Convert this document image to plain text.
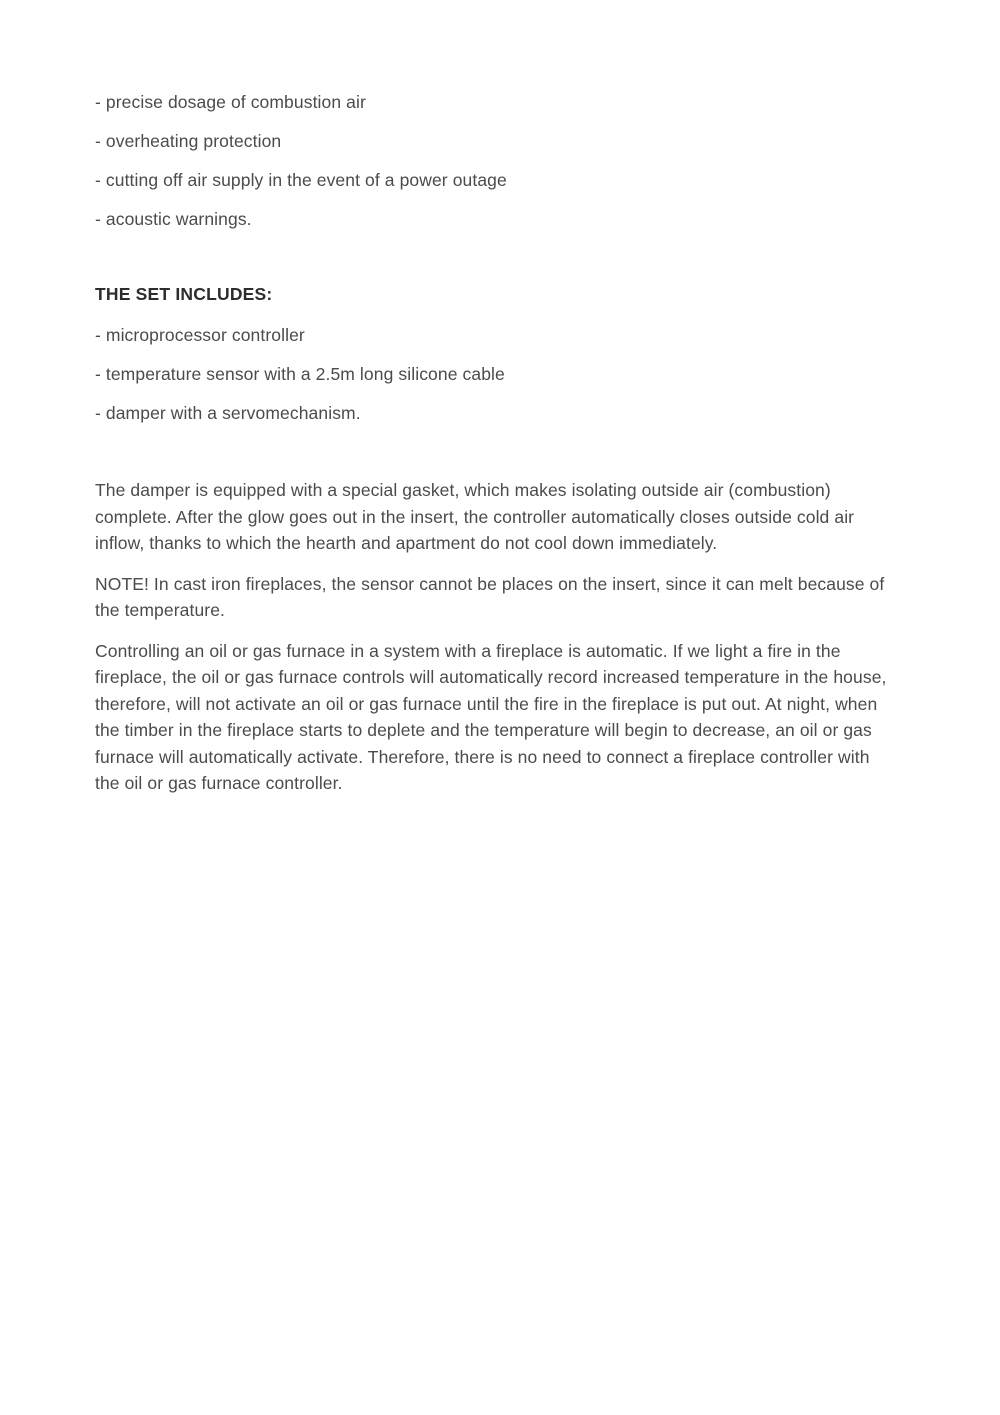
- precise dosage of combustion air

- overheating protection

- cutting off air supply in the event of a power outage

- acoustic warnings.

THE SET INCLUDES:

- microprocessor controller

- temperature sensor with a 2.5m long silicone cable

- damper with a servomechanism.

The damper is equipped with a special gasket, which makes isolating outside air (combustion) complete. After the glow goes out in the insert, the controller automatically closes outside cold air inflow, thanks to which the hearth and apartment do not cool down immediately.

NOTE! In cast iron fireplaces, the sensor cannot be places on the insert, since it can melt because of the temperature.

Controlling an oil or gas furnace in a system with a fireplace is automatic. If we light a fire in the fireplace, the oil or gas furnace controls will automatically record increased temperature in the house, therefore, will not activate an oil or gas furnace until the fire in the fireplace is put out. At night, when the timber in the fireplace starts to deplete and the temperature will begin to decrease, an oil or gas furnace will automatically activate. Therefore, there is no need to connect a fireplace controller with the oil or gas furnace controller.
